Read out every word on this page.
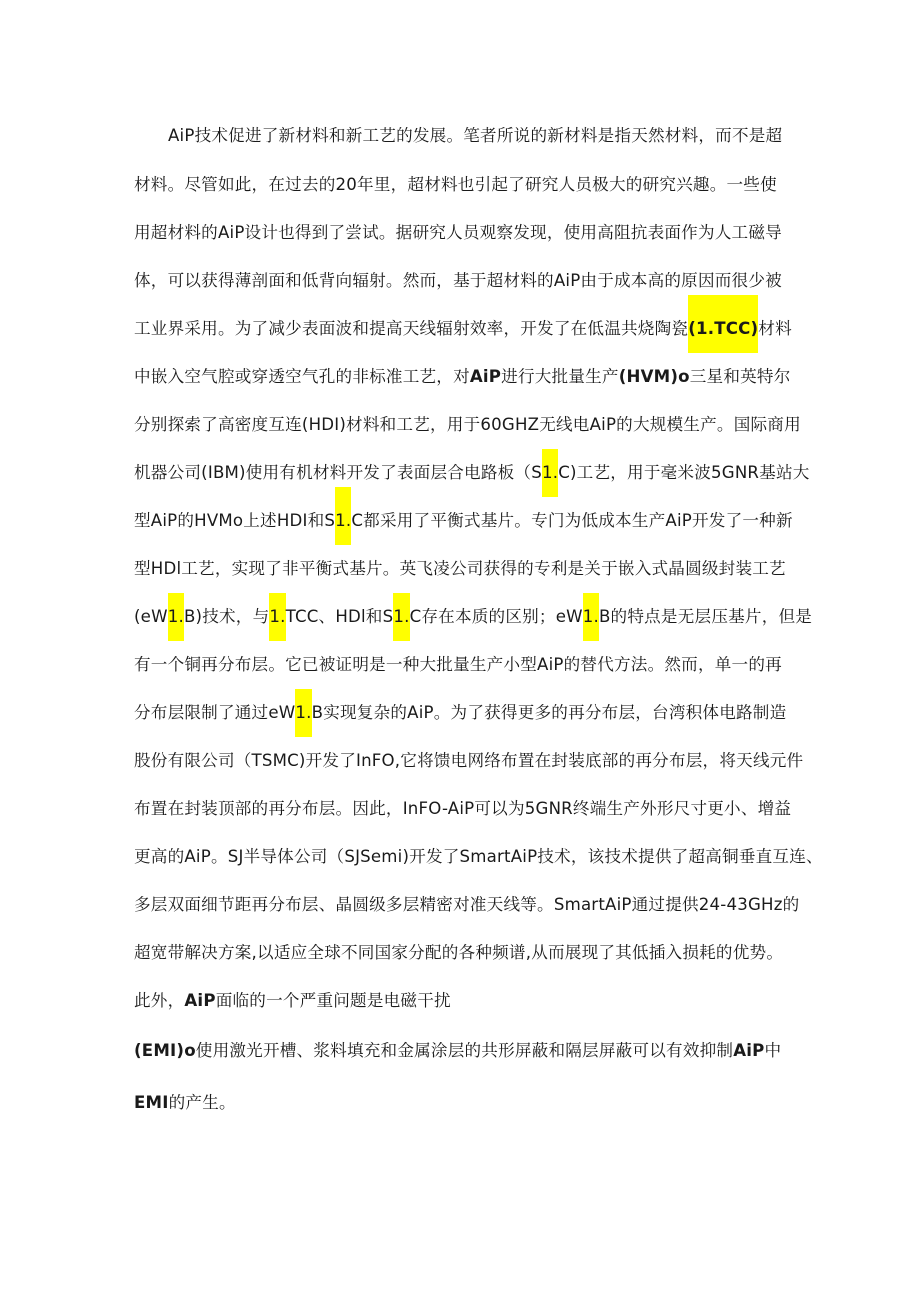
AiP技术促进了新材料和新工艺的发展。笔者所说的新材料是指天然材料，而不是超
材料。尽管如此，在过去的20年里，超材料也引起了研究人员极大的研究兴趣。一些使
用超材料的AiP设计也得到了尝试。据研究人员观察发现，使用高阻抗表面作为人工磁导
体，可以获得薄剖面和低背向辐射。然而，基于超材料的AiP由于成本高的原因而很少被
工业界采用。为了减少表面波和提高天线辐射效率，开发了在低温共烧陶瓷(1.TCC)材料
中嵌入空气腔或穿透空气孔的非标准工艺，对AiP进行大批量生产(HVM)o三星和英特尔
分别探索了高密度互连(HDI)材料和工艺，用于60GHZ无线电AiP的大规模生产。国际商用
机器公司(IBM)使用有机材料开发了表面层合电路板（S1.C)工艺，用于毫米波5GNR基站大
型AiP的HVMo上述HDI和S1.C都采用了平衡式基片。专门为低成本生产AiP开发了一种新
型HDl工艺，实现了非平衡式基片。英飞凌公司获得的专利是关于嵌入式晶圆级封装工艺
(eW1.B)技术，与1.TCC、HDl和S1.C存在本质的区别；eW1.B的特点是无层压基片，但是
有一个铜再分布层。它已被证明是一种大批量生产小型AiP的替代方法。然而，单一的再
分布层限制了通过eW1.B实现复杂的AiP。为了获得更多的再分布层，台湾积体电路制造
股份有限公司（TSMC)开发了InFO,它将馈电网络布置在封装底部的再分布层，将天线元件
布置在封装顶部的再分布层。因此，InFO-AiP可以为5GNR终端生产外形尺寸更小、增益
更高的AiP。SJ半导体公司（SJSemi)开发了SmartAiP技术，该技术提供了超高铜垂直互连、
多层双面细节距再分布层、晶圆级多层精密对准天线等。SmartAiP通过提供24-43GHz的
超宽带解决方案,以适应全球不同国家分配的各种频谱,从而展现了其低插入损耗的优势。
此外，AiP面临的一个严重问题是电磁干扰
(EMI)o使用激光开槽、浆料填充和金属涂层的共形屏蔽和隔层屏蔽可以有效抑制AiP中
EMI的产生。
